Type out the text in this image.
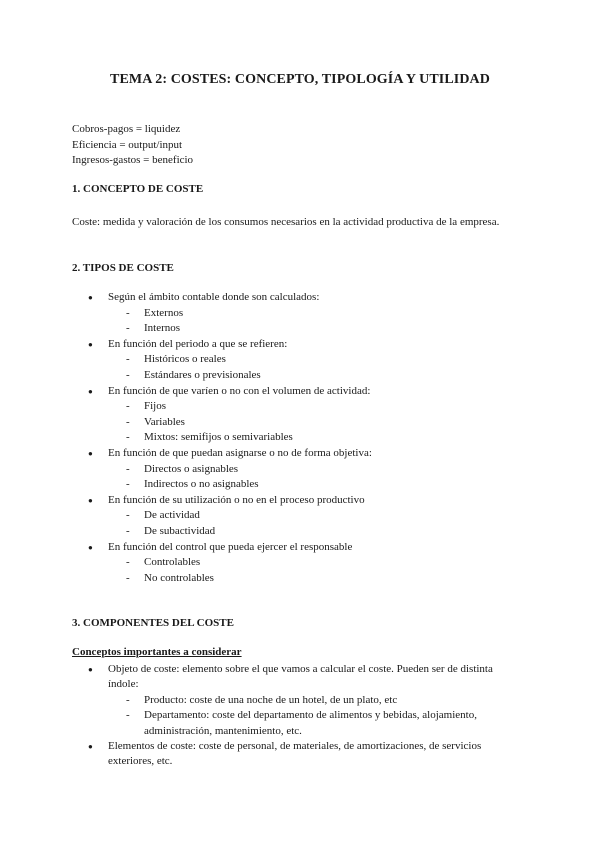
TEMA 2: COSTES: CONCEPTO, TIPOLOGÍA Y UTILIDAD
Cobros-pagos = liquidez
Eficiencia = output/input
Ingresos-gastos = beneficio
1. CONCEPTO DE COSTE
Coste: medida y valoración de los consumos necesarios en la actividad productiva de la empresa.
2. TIPOS DE COSTE
● Según el ámbito contable donde son calculados:
- Externos
- Internos
● En función del periodo a que se refieren:
- Históricos o reales
- Estándares o previsionales
● En función de que varíen o no con el volumen de actividad:
- Fijos
- Variables
- Mixtos: semifijos o semivariables
● En función de que puedan asignarse o no de forma objetiva:
- Directos o asignables
- Indirectos o no asignables
● En función de su utilización o no en el proceso productivo
- De actividad
- De subactividad
● En función del control que pueda ejercer el responsable
- Controlables
- No controlables
3. COMPONENTES DEL COSTE
Conceptos importantes a considerar
● Objeto de coste: elemento sobre el que vamos a calcular el coste. Pueden ser de distinta índole:
- Producto: coste de una noche de un hotel, de un plato, etc
- Departamento: coste del departamento de alimentos y bebidas, alojamiento, administración, mantenimiento, etc.
● Elementos de coste: coste de personal, de materiales, de amortizaciones, de servicios exteriores, etc.
